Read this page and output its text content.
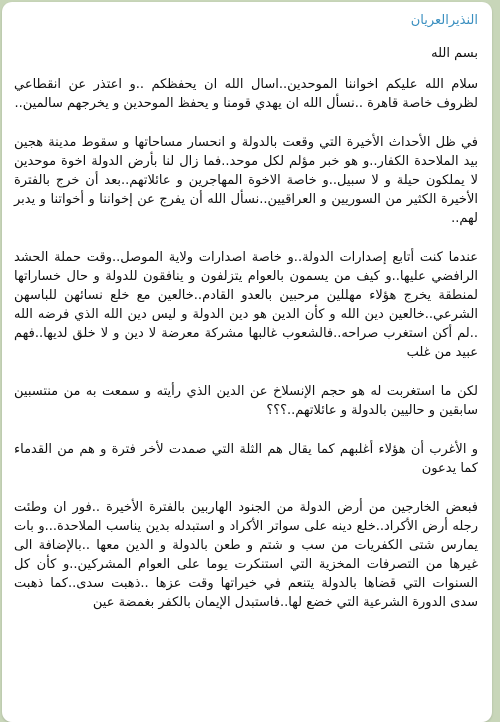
النذيرالعريان
بسم الله
سلام الله عليكم اخواننا الموحدين..اسال الله ان يحفظكم ..و اعتذر عن انقطاعي لظروف خاصة قاهرة ..نسأل الله ان يهدي قومنا و يحفظ الموحدين و يخرجهم سالمين..
في ظل الأحداث الأخيرة التي وقعت بالدولة و انحسار مساحاتها و سقوط مدينة هجين بيد الملاحدة الكفار..و هو خبر مؤلم لكل موحد..فما زال لنا بأرض الدولة اخوة موحدين لا يملكون حيلة و لا سبيل..و خاصة الاخوة المهاجرين و عائلاتهم..بعد أن خرج بالفترة الأخيرة الكثير من السوريين و العراقيين..نسأل الله أن يفرج عن إخواننا و أخواتنا و يدبر لهم..
عندما كنت أتابع إصدارات الدولة..و خاصة اصدارات ولاية الموصل..وقت حملة الحشد الرافضي عليها..و كيف من يسمون بالعوام يتزلفون و ينافقون للدولة و حال خساراتها لمنطقة يخرج هؤلاء مهللين مرحبين بالعدو القادم..خالعين مع خلع نسائهن للباسهن الشرعي..خالعين دين الله و كأن الدين هو دين الدولة و ليس دين الله الذي فرضه الله ..لم أكن استغرب صراحه..فالشعوب غالبها مشركة معرضة لا دين و لا خلق لديها..فهم عبيد من غلب
لكن ما استغربت له هو حجم الإنسلاخ عن الدين الذي رأيته و سمعت به من منتسبين سابقين و حاليين بالدولة و عائلاتهم..؟؟؟
و الأغرب أن هؤلاء أغلبهم كما يقال هم الثلة التي صمدت لأخر فترة و هم من القدماء كما يدعون
فبعض الخارجين من أرض الدولة من الجنود الهاربين بالفترة الأخيرة ..فور ان وطئت رجله أرض الأكراد..خلع دينه على سواتر الأكراد و استبدله بدين يناسب الملاحدة...و بات يمارس شتى الكفريات من سب و شتم و طعن بالدولة و الدين معها ..بالإضافة الى غيرها من التصرفات المخزية التي استنكرت يوما على العوام المشركين..و كأن كل السنوات التي قضاها بالدولة يتنعم في خيراتها وقت عزها ..ذهبت سدى..كما ذهبت سدى الدورة الشرعية التي خضع لها..فاستبدل الإيمان بالكفر بغمضة عين
